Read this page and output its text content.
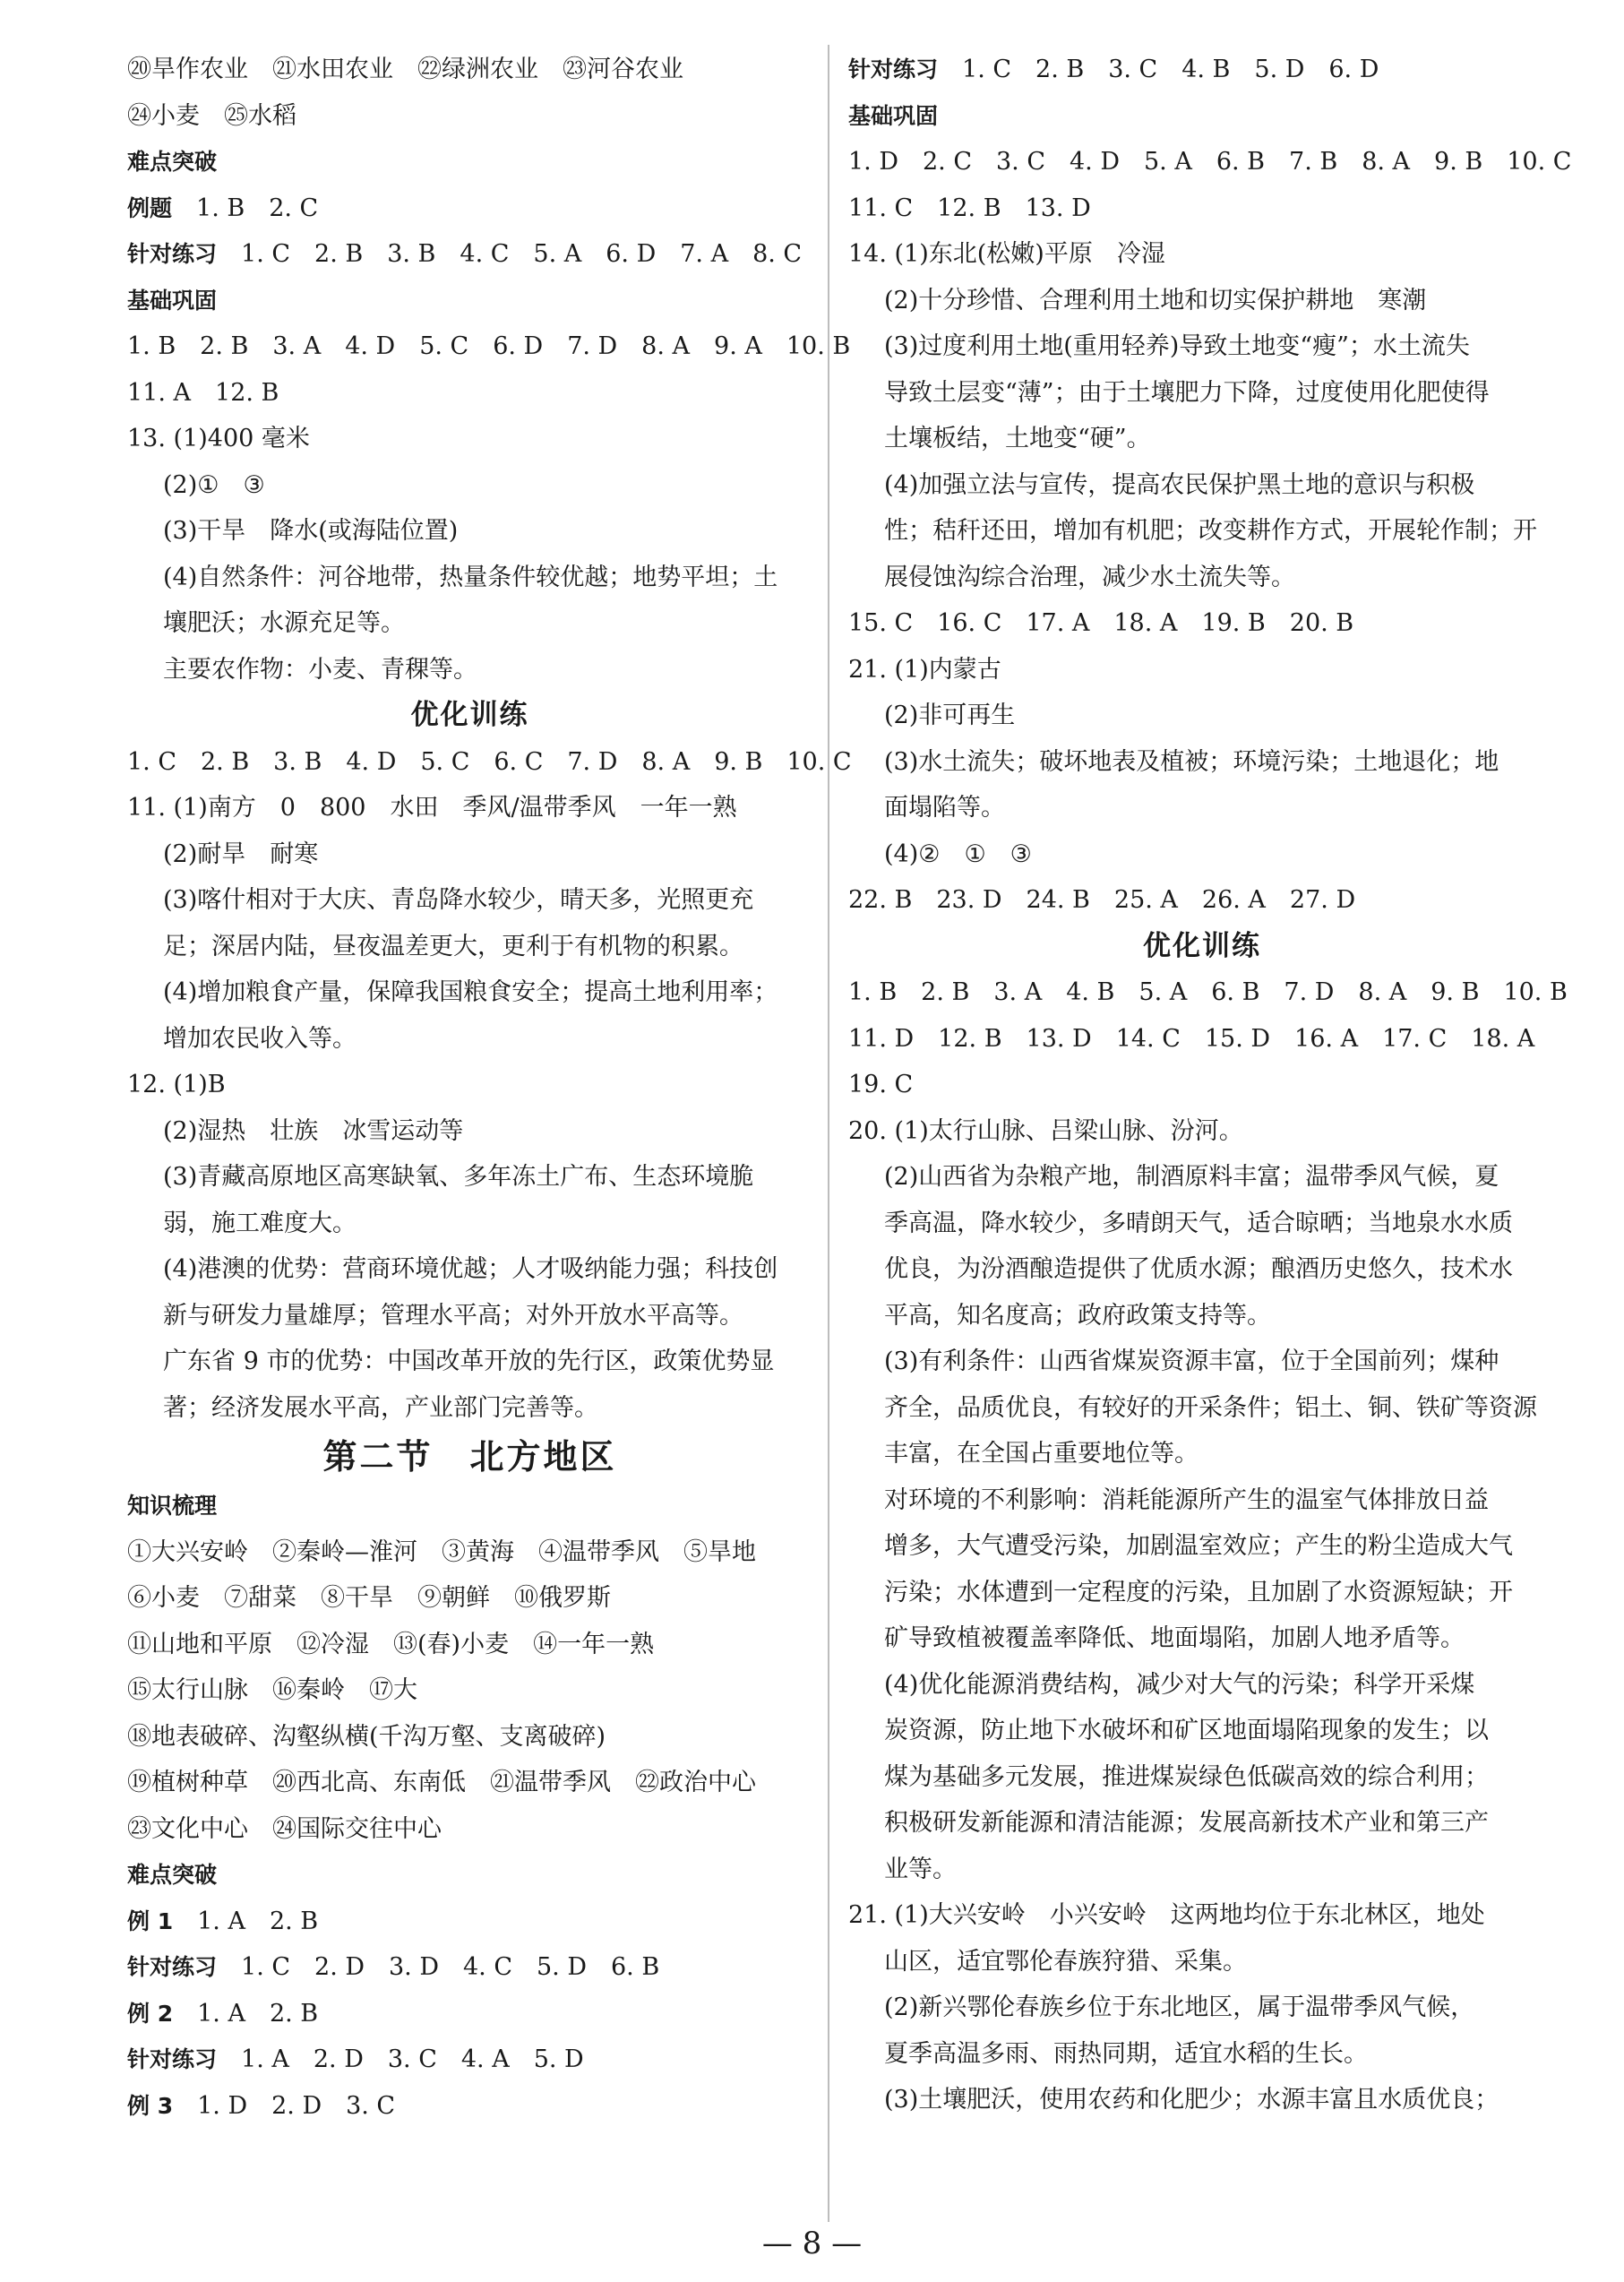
⑳旱作农业　㉑水田农业　㉒绿洲农业　㉓河谷农业
㉔小麦　㉕水稻
难点突破
例题　 1. B　2. C
针对练习　 1. C　2. B　3. B　4. C　5. A　6. D　7. A　8. C
基础巩固
1. B　2. B　3. A　4. D　5. C　6. D　7. D　8. A　9. A　10. B
11. A　12. B
13. (1)400 毫米
(2)①　③
(3)干旱　降水(或海陆位置)
(4)自然条件：河谷地带，热量条件较优越；地势平坦；土
壤肥沃；水源充足等。
主要农作物：小麦、青稞等。
优化训练
1. C　2. B　3. B　4. D　5. C　6. C　7. D　8. A　9. B　10. C
11. (1)南方　0　800　水田　季风/温带季风　一年一熟
(2)耐旱　耐寒
(3)喀什相对于大庆、青岛降水较少，晴天多，光照更充
足；深居内陆，昼夜温差更大，更利于有机物的积累。
(4)增加粮食产量，保障我国粮食安全；提高土地利用率；
增加农民收入等。
12. (1)B
(2)湿热　壮族　冰雪运动等
(3)青藏高原地区高寒缺氧、多年冻土广布、生态环境脆
弱，施工难度大。
(4)港澳的优势：营商环境优越；人才吸纳能力强；科技创
新与研发力量雄厚；管理水平高；对外开放水平高等。
广东省 9 市的优势：中国改革开放的先行区，政策优势显
著；经济发展水平高，产业部门完善等。
第二节　北方地区
知识梳理
①大兴安岭　②秦岭—淮河　③黄海　④温带季风　⑤旱地
⑥小麦　⑦甜菜　⑧干旱　⑨朝鲜　⑩俄罗斯
⑪山地和平原　⑫冷湿　⑬(春)小麦　⑭一年一熟
⑮太行山脉　⑯秦岭　⑰大
⑱地表破碎、沟壑纵横(千沟万壑、支离破碎)
⑲植树种草　⑳西北高、东南低　㉑温带季风　㉒政治中心
㉓文化中心　㉔国际交往中心
难点突破
例 1　 1. A　2. B
针对练习　 1. C　2. D　3. D　4. C　5. D　6. B
例 2　 1. A　2. B
针对练习　 1. A　2. D　3. C　4. A　5. D
例 3　 1. D　2. D　3. C
针对练习　 1. C　2. B　3. C　4. B　5. D　6. D
基础巩固
1. D　2. C　3. C　4. D　5. A　6. B　7. B　8. A　9. B　10. C
11. C　12. B　13. D
14. (1)东北(松嫩)平原　冷湿
(2)十分珍惜、合理利用土地和切实保护耕地　寒潮
(3)过度利用土地(重用轻养)导致土地变“瘦”；水土流失
导致土层变“薄”；由于土壤肥力下降，过度使用化肥使得
土壤板结，土地变“硬”。
(4)加强立法与宣传，提高农民保护黑土地的意识与积极
性；秸秆还田，增加有机肥；改变耕作方式，开展轮作制；开
展侵蚀沟综合治理，减少水土流失等。
15. C　16. C　17. A　18. A　19. B　20. B
21. (1)内蒙古
(2)非可再生
(3)水土流失；破坏地表及植被；环境污染；土地退化；地
面塌陷等。
(4)②　①　③
22. B　23. D　24. B　25. A　26. A　27. D
优化训练
1. B　2. B　3. A　4. B　5. A　6. B　7. D　8. A　9. B　10. B
11. D　12. B　13. D　14. C　15. D　16. A　17. C　18. A
19. C
20. (1)太行山脉、吕梁山脉、汾河。
(2)山西省为杂粮产地，制酒原料丰富；温带季风气候，夏
季高温，降水较少，多晴朗天气，适合晾晒；当地泉水水质
优良，为汾酒酿造提供了优质水源；酿酒历史悠久，技术水
平高，知名度高；政府政策支持等。
(3)有利条件：山西省煤炭资源丰富，位于全国前列；煤种
齐全，品质优良，有较好的开采条件；铝土、铜、铁矿等资源
丰富，在全国占重要地位等。
对环境的不利影响：消耗能源所产生的温室气体排放日益
增多，大气遭受污染，加剧温室效应；产生的粉尘造成大气
污染；水体遭到一定程度的污染，且加剧了水资源短缺；开
矿导致植被覆盖率降低、地面塌陷，加剧人地矛盾等。
(4)优化能源消费结构，减少对大气的污染；科学开采煤
炭资源，防止地下水破坏和矿区地面塌陷现象的发生；以
煤为基础多元发展，推进煤炭绿色低碳高效的综合利用；
积极研发新能源和清洁能源；发展高新技术产业和第三产
业等。
21. (1)大兴安岭　小兴安岭　这两地均位于东北林区，地处
山区，适宜鄂伦春族狩猎、采集。
(2)新兴鄂伦春族乡位于东北地区，属于温带季风气候，
夏季高温多雨、雨热同期，适宜水稻的生长。
(3)土壤肥沃，使用农药和化肥少；水源丰富且水质优良；
— 8 —
